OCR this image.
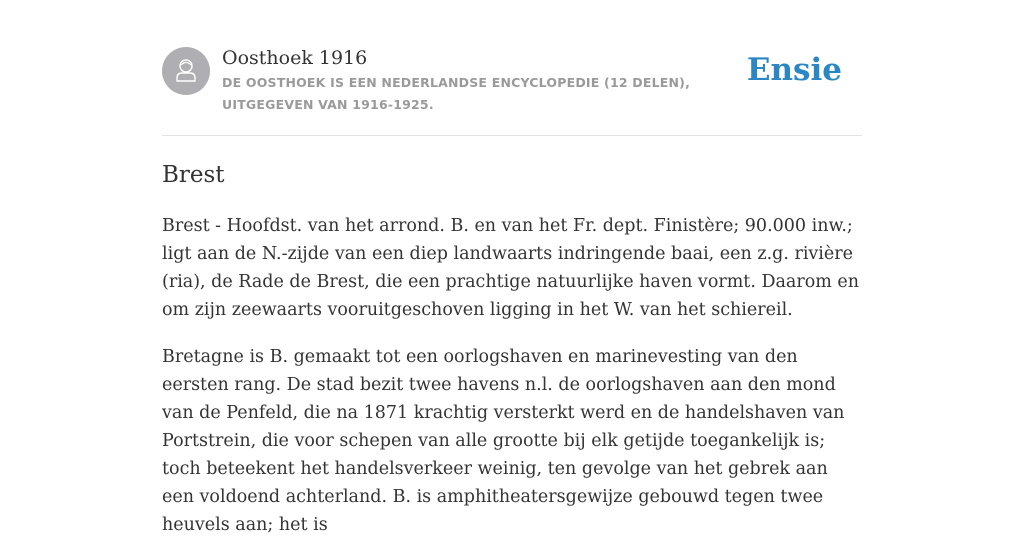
Oosthoek 1916
DE OOSTHOEK IS EEN NEDERLANDSE ENCYCLOPEDIE (12 DELEN), UITGEGEVEN VAN 1916-1925.
Ensie
Brest

Brest - Hoofdst. van het arrond. B. en van het Fr. dept. Finistère; 90.000 inw.; ligt aan de N.-zijde van een diep landwaarts indringende baai, een z.g. rivière (ria), de Rade de Brest, die een prachtige natuurlijke haven vormt. Daarom en om zijn zeewaarts vooruitgeschoven ligging in het W. van het schiereil.

Bretagne is B. gemaakt tot een oorlogshaven en marinevesting van den eersten rang. De stad bezit twee havens n.l. de oorlogshaven aan den mond van de Penfeld, die na 1871 krachtig versterkt werd en de handelshaven van Portstrein, die voor schepen van alle grootte bij elk getijde toegankelijk is; toch beteekent het handelsverkeer weinig, ten gevolge van het gebrek aan een voldoend achterland. B. is amphitheatersgewijze gebouwd tegen twee heuvels aan; het is
